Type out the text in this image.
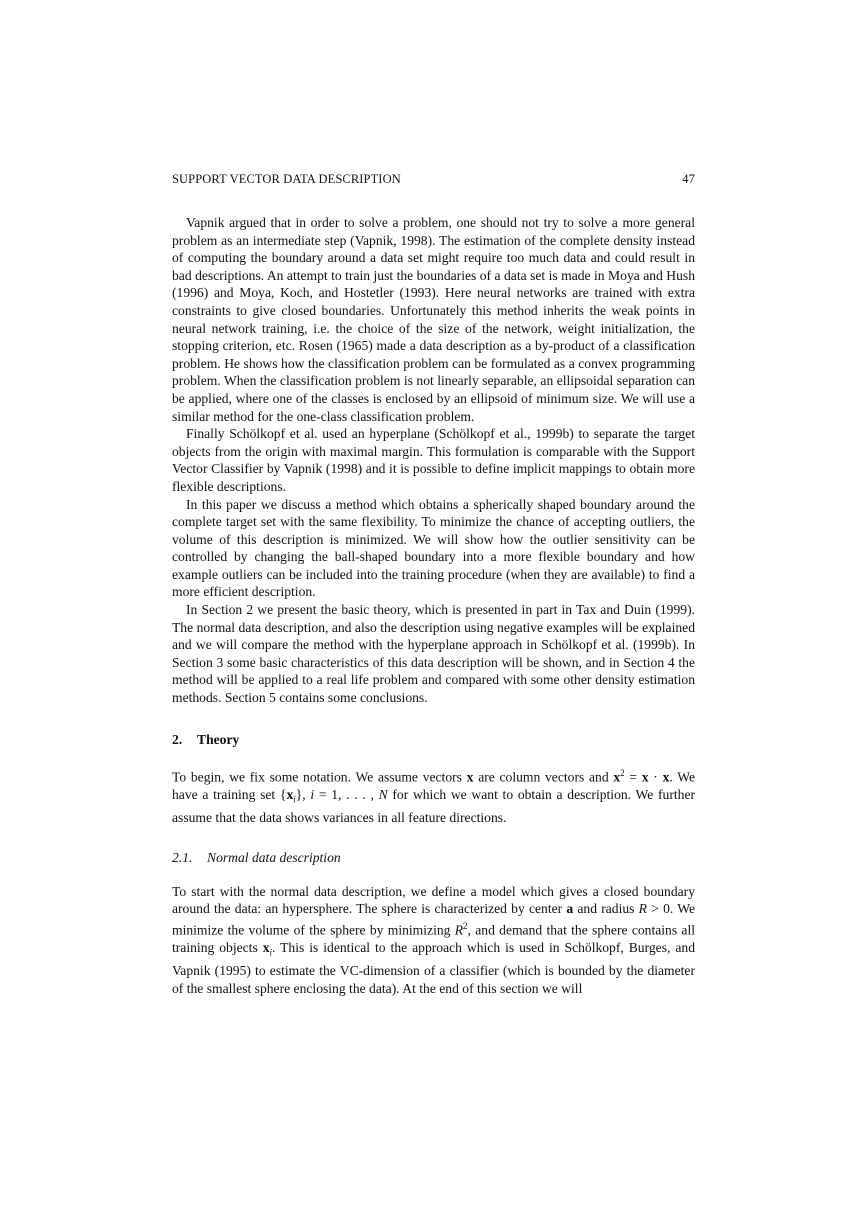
SUPPORT VECTOR DATA DESCRIPTION	47

Vapnik argued that in order to solve a problem, one should not try to solve a more general problem as an intermediate step (Vapnik, 1998). The estimation of the complete density instead of computing the boundary around a data set might require too much data and could result in bad descriptions. An attempt to train just the boundaries of a data set is made in Moya and Hush (1996) and Moya, Koch, and Hostetler (1993). Here neural networks are trained with extra constraints to give closed boundaries. Unfortunately this method inherits the weak points in neural network training, i.e. the choice of the size of the network, weight initialization, the stopping criterion, etc. Rosen (1965) made a data description as a by-product of a classification problem. He shows how the classification problem can be formulated as a convex programming problem. When the classification problem is not linearly separable, an ellipsoidal separation can be applied, where one of the classes is enclosed by an ellipsoid of minimum size. We will use a similar method for the one-class classification problem.

Finally Schölkopf et al. used an hyperplane (Schölkopf et al., 1999b) to separate the target objects from the origin with maximal margin. This formulation is comparable with the Support Vector Classifier by Vapnik (1998) and it is possible to define implicit mappings to obtain more flexible descriptions.

In this paper we discuss a method which obtains a spherically shaped boundary around the complete target set with the same flexibility. To minimize the chance of accepting outliers, the volume of this description is minimized. We will show how the outlier sensitivity can be controlled by changing the ball-shaped boundary into a more flexible boundary and how example outliers can be included into the training procedure (when they are available) to find a more efficient description.

In Section 2 we present the basic theory, which is presented in part in Tax and Duin (1999). The normal data description, and also the description using negative examples will be explained and we will compare the method with the hyperplane approach in Schölkopf et al. (1999b). In Section 3 some basic characteristics of this data description will be shown, and in Section 4 the method will be applied to a real life problem and compared with some other density estimation methods. Section 5 contains some conclusions.

2. Theory
To begin, we fix some notation. We assume vectors x are column vectors and $x^2 = x \cdot x$. We have a training set $\{x_i\}$, i = 1, . . . , N for which we want to obtain a description. We further assume that the data shows variances in all feature directions.
2.1. Normal data description
To start with the normal data description, we define a model which gives a closed boundary around the data: an hypersphere. The sphere is characterized by center a and radius R > 0. We minimize the volume of the sphere by minimizing $R^2$, and demand that the sphere contains all training objects $x_i$. This is identical to the approach which is used in Schölkopf, Burges, and Vapnik (1995) to estimate the VC-dimension of a classifier (which is bounded by the diameter of the smallest sphere enclosing the data). At the end of this section we will
